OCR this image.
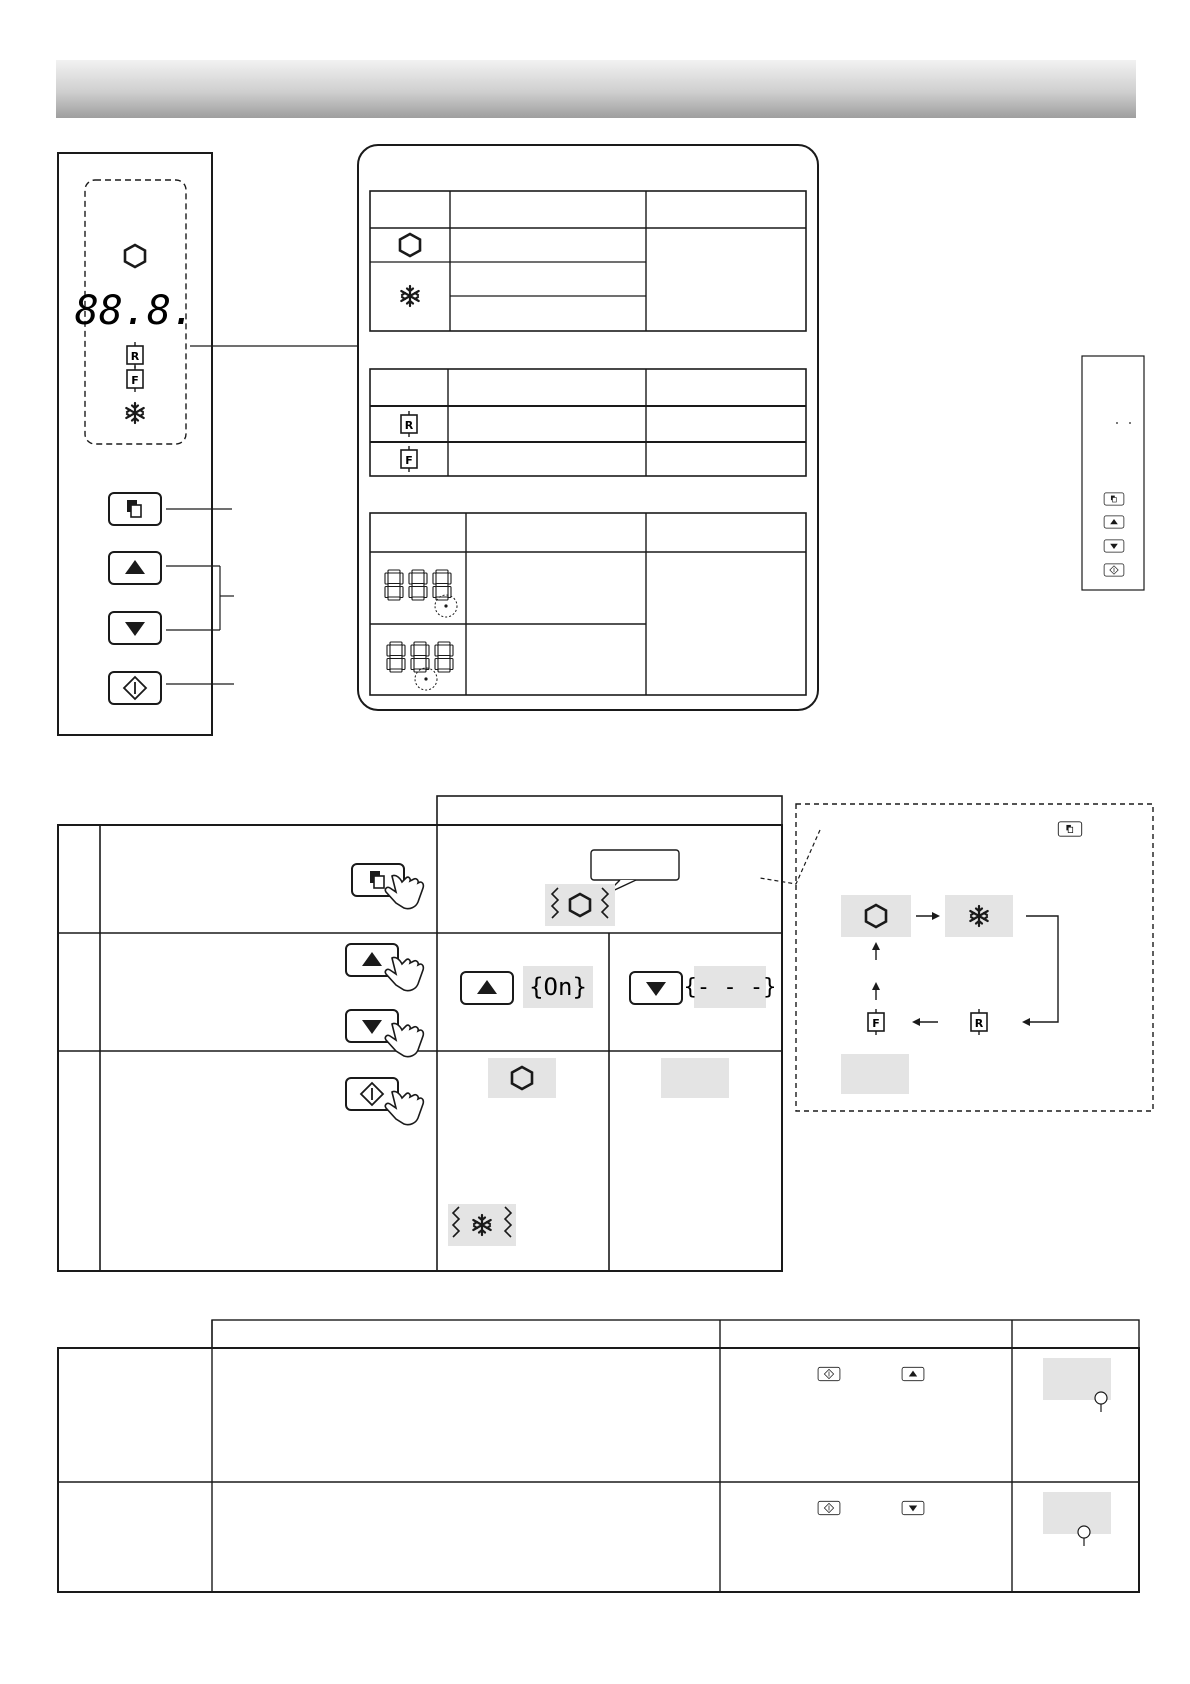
88.8.
R
F
R
F
{On}	{- - -}
R
F
